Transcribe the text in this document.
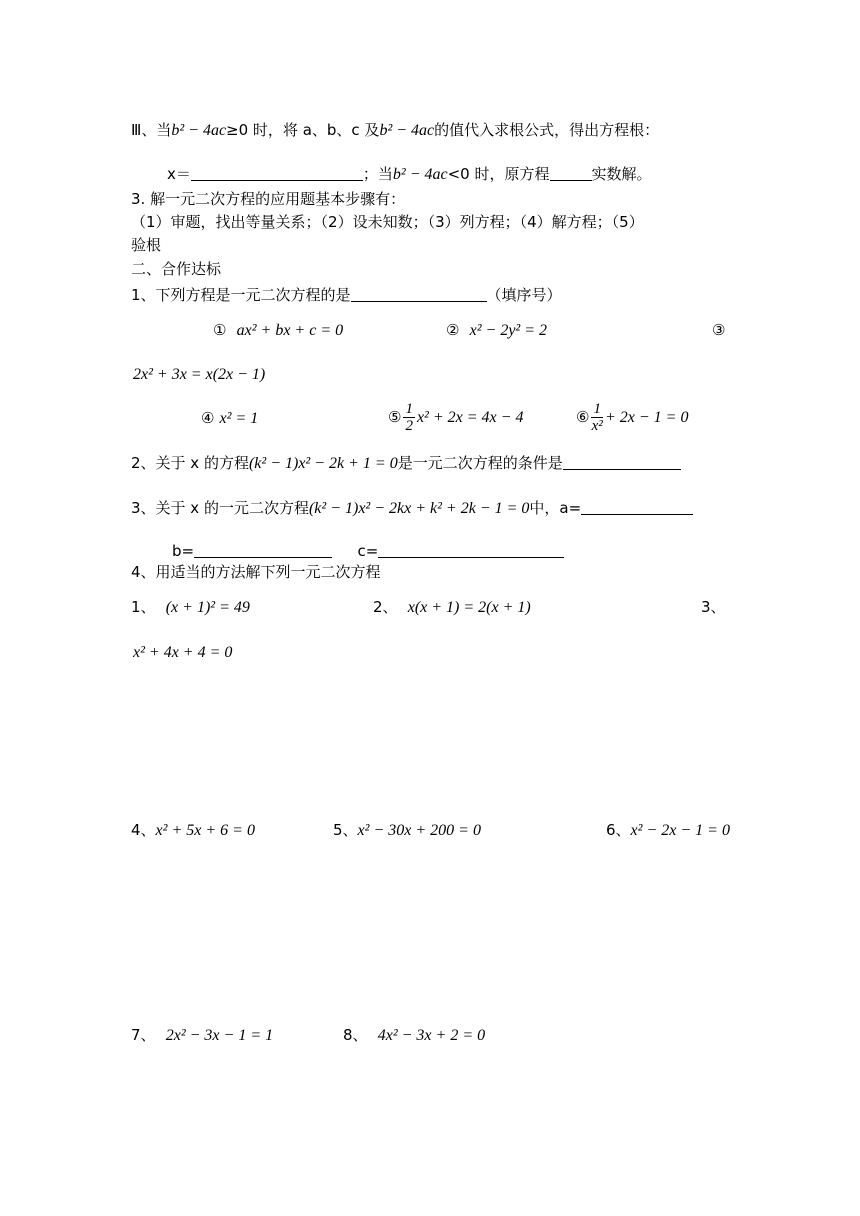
Ⅲ、当b² − 4ac≥0 时，将 a、b、c 及b² − 4ac的值代入求根公式，得出方程根：
x＝	；当b² − 4ac<0 时，原方程	实数解。
3. 解一元二次方程的应用题基本步骤有：
（1）审题，找出等量关系；（2）设未知数；（3）列方程；（4）解方程；（5）
验根
二、合作达标
1、下列方程是一元二次方程的是	（填序号）
① ax² + bx + c = 0	② x² − 2y² = 2	③
2x² + 3x = x(2x − 1)
④ x² = 1	⑤ $\frac{1}{2} x^2 + 2x = 4x - 4$	⑥ $\frac{1}{\text{x²}} + 2x - 1 = 0$
2、关于 x 的方程(k² − 1)x² − 2k + 1 = 0是一元二次方程的条件是
3、关于 x 的一元二次方程(k² − 1)x² − 2kx + k² + 2k − 1 = 0中，a=
b=	c=
4、用适当的方法解下列一元二次方程
1、 (x + 1)² = 49	2、 x(x + 1) = 2(x + 1)	3、
x² + 4x + 4 = 0
4、x² + 5x + 6 = 0	5、x² − 30x + 200 = 0	6、x² − 2x − 1 = 0
7、 2x² − 3x − 1 = 1	8、 4x² − 3x + 2 = 0
